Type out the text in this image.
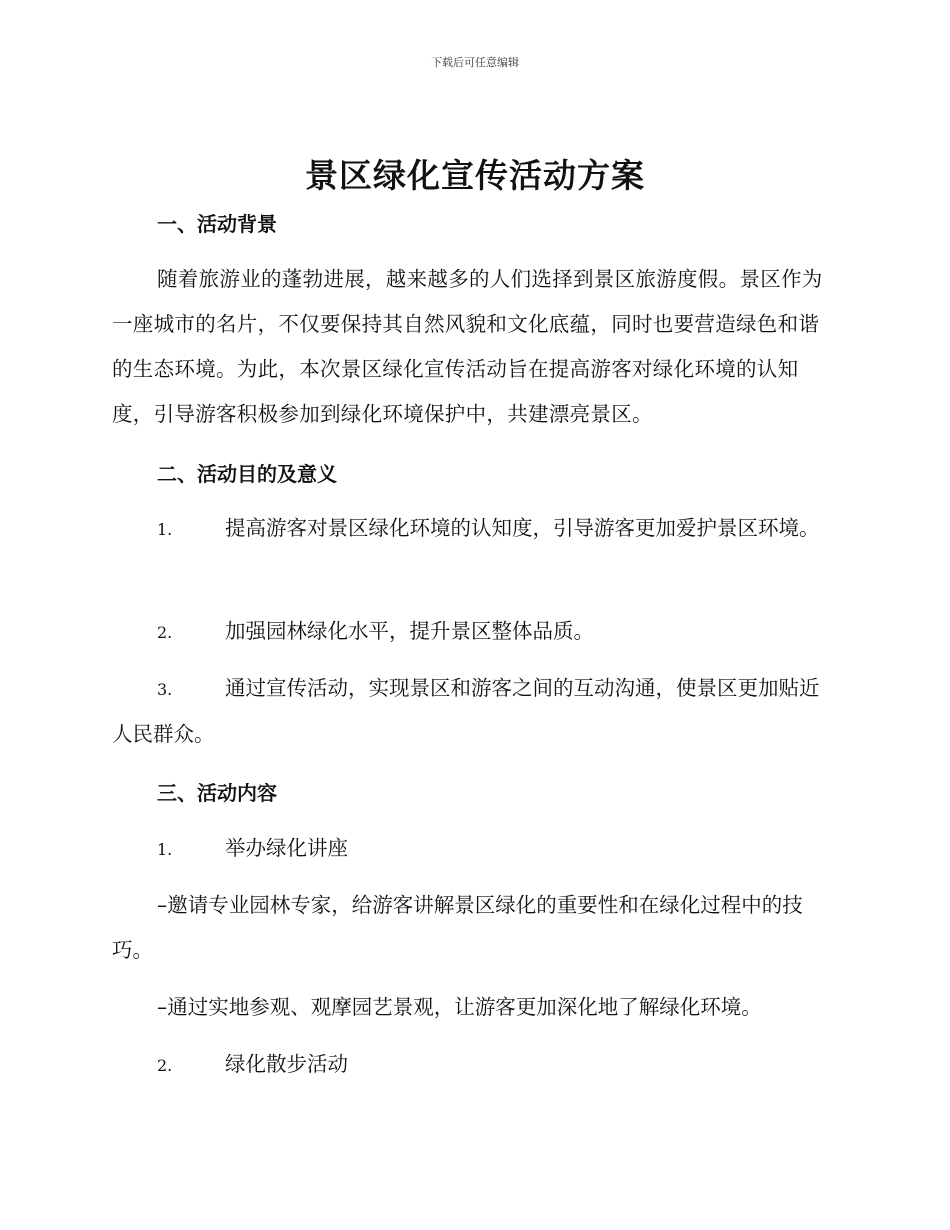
下载后可任意编辑
景区绿化宣传活动方案
一、活动背景
随着旅游业的蓬勃进展，越来越多的人们选择到景区旅游度假。景区作为一座城市的名片，不仅要保持其自然风貌和文化底蕴，同时也要营造绿色和谐的生态环境。为此，本次景区绿化宣传活动旨在提高游客对绿化环境的认知度，引导游客积极参加到绿化环境保护中，共建漂亮景区。
二、活动目的及意义
1.	提高游客对景区绿化环境的认知度，引导游客更加爱护景区环境。
2.	加强园林绿化水平，提升景区整体品质。
3.	通过宣传活动，实现景区和游客之间的互动沟通，使景区更加贴近人民群众。
三、活动内容
1.	举办绿化讲座
–邀请专业园林专家，给游客讲解景区绿化的重要性和在绿化过程中的技巧。
–通过实地参观、观摩园艺景观，让游客更加深化地了解绿化环境。
2.	绿化散步活动
